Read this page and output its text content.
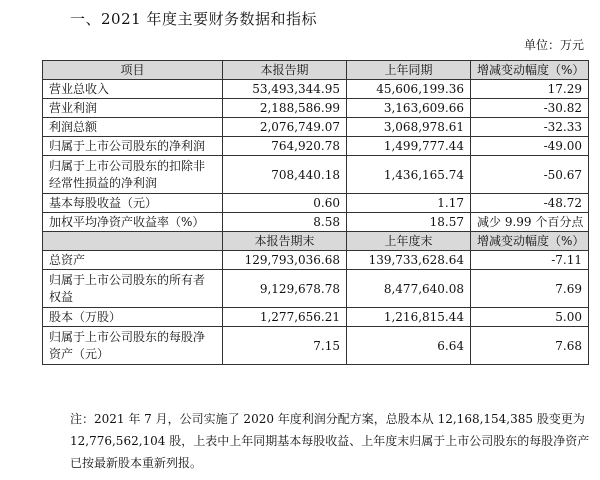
一、2021 年度主要财务数据和指标
单位：万元
项目	本报告期	上年同期	增减变动幅度（%）
营业总收入	53,493,344.95	45,606,199.36	17.29
营业利润	2,188,586.99	3,163,609.66	-30.82
利润总额	2,076,749.07	3,068,978.61	-32.33
归属于上市公司股东的净利润	764,920.78	1,499,777.44	-49.00
归属于上市公司股东的扣除非经常性损益的净利润	708,440.18	1,436,165.74	-50.67
基本每股收益（元）	0.60	1.17	-48.72
加权平均净资产收益率（%）	8.58	18.57	减少 9.99 个百分点
	本报告期末	上年度末	增减变动幅度（%）
总资产	129,793,036.68	139,733,628.64	-7.11
归属于上市公司股东的所有者权益	9,129,678.78	8,477,640.08	7.69
股本（万股）	1,277,656.21	1,216,815.44	5.00
归属于上市公司股东的每股净资产（元）	7.15	6.64	7.68
注：2021 年 7 月，公司实施了 2020 年度利润分配方案，总股本从 12,168,154,385 股变更为 12,776,562,104 股，上表中上年同期基本每股收益、上年度末归属于上市公司股东的每股净资产已按最新股本重新列报。
